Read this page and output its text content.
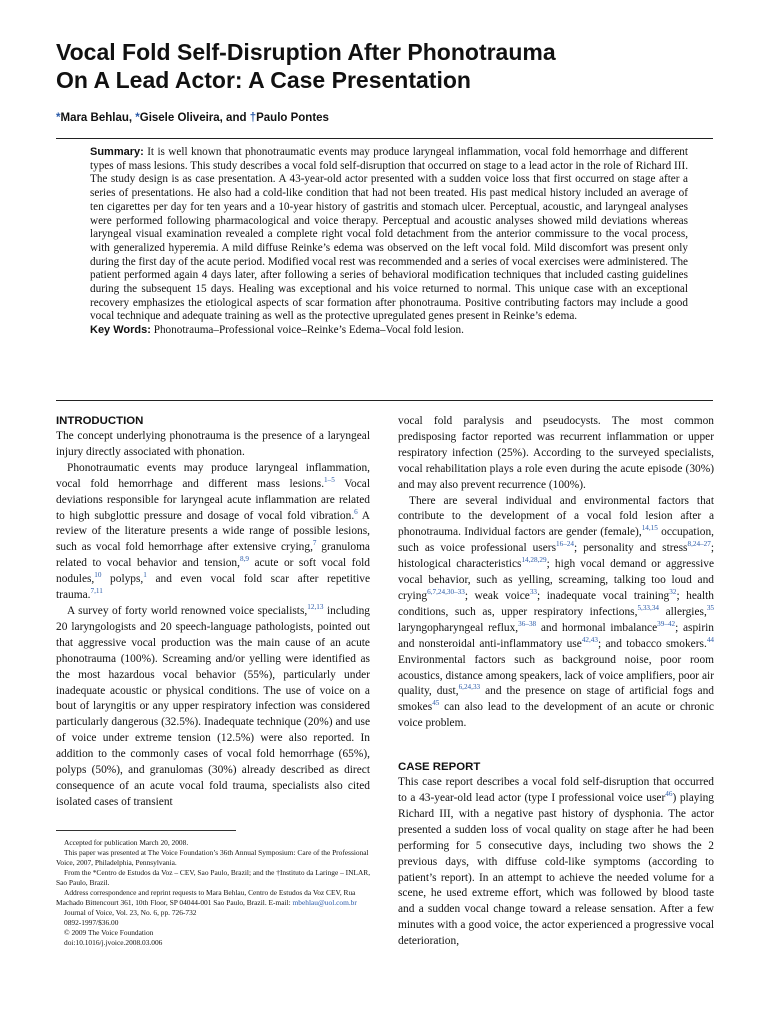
Vocal Fold Self-Disruption After Phonotrauma
On A Lead Actor: A Case Presentation
*Mara Behlau, *Gisele Oliveira, and †Paulo Pontes
Summary: It is well known that phonotraumatic events may produce laryngeal inflammation, vocal fold hemorrhage and different types of mass lesions. This study describes a vocal fold self-disruption that occurred on stage to a lead actor in the role of Richard III. The study design is as case presentation. A 43-year-old actor presented with a sudden voice loss that first occurred on stage after a series of presentations. He also had a cold-like condition that had not been treated. His past medical history included an average of ten cigarettes per day for ten years and a 10-year history of gastritis and stomach ulcer. Perceptual, acoustic, and laryngeal analyses were performed following pharmacological and voice therapy. Perceptual and acoustic analyses showed mild deviations whereas laryngeal visual examination revealed a complete right vocal fold detachment from the anterior commissure to the vocal process, with generalized hyperemia. A mild diffuse Reinke’s edema was observed on the left vocal fold. Mild discomfort was present only during the first day of the acute period. Modified vocal rest was recommended and a series of vocal exercises were administered. The patient performed again 4 days later, after following a series of behavioral modification techniques that included casting guidelines during the subsequent 15 days. Healing was exceptional and his voice returned to normal. This unique case with an exceptional recovery emphasizes the etiological aspects of scar formation after phonotrauma. Positive contributing factors may include a good vocal technique and adequate training as well as the protective upregulated genes present in Reinke’s edema.
Key Words: Phonotrauma–Professional voice–Reinke’s Edema–Vocal fold lesion.
INTRODUCTION

The concept underlying phonotrauma is the presence of a laryngeal injury directly associated with phonation.

Phonotraumatic events may produce laryngeal inflammation, vocal fold hemorrhage and different mass lesions.$^{1-5}$ Vocal deviations responsible for laryngeal acute inflammation are related to high subglottic pressure and dosage of vocal fold vibration.$^6$ A review of the literature presents a wide range of possible lesions, such as vocal fold hemorrhage after extensive crying,$^7$ granuloma related to vocal behavior and tension,$^{8,9}$ acute or soft vocal fold nodules,$^{10}$ polyps,$^1$ and even vocal fold scar after repetitive trauma.$^{7,11}$

A survey of forty world renowned voice specialists,$^{12,13}$ including 20 laryngologists and 20 speech-language pathologists, pointed out that aggressive vocal production was the main cause of an acute phonotrauma (100%). Screaming and/or yelling were identified as the most hazardous vocal behavior (55%), particularly under inadequate acoustic or physical conditions. The use of voice on a bout of laryngitis or any upper respiratory infection was considered particularly dangerous (32.5%). Inadequate technique (20%) and use of voice under extreme tension (12.5%) were also reported. In addition to the commonly cases of vocal fold hemorrhage (65%), polyps (50%), and granulomas (30%) already described as direct consequence of an acute vocal fold trauma, specialists also cited isolated cases of transient

Accepted for publication March 20, 2008.
This paper was presented at The Voice Foundation’s 36th Annual Symposium: Care of the Professional Voice, 2007, Philadelphia, Pennsylvania.
From the *Centro de Estudos da Voz – CEV, Sao Paulo, Brazil; and the †Instituto da Laringe – INLAR, Sao Paulo, Brazil.
Address correspondence and reprint requests to Mara Behlau, Centro de Estudos da Voz CEV, Rua Machado Bittencourt 361, 10th Floor, SP 04044-001 Sao Paulo, Brazil. E-mail: mbehlau@uol.com.br
Journal of Voice, Vol. 23, No. 6, pp. 726-732
0892-1997/$36.00
© 2009 The Voice Foundation
doi:10.1016/j.jvoice.2008.03.006

vocal fold paralysis and pseudocysts. The most common predisposing factor reported was recurrent inflammation or upper respiratory infection (25%). According to the surveyed specialists, vocal rehabilitation plays a role even during the acute episode (30%) and may also prevent recurrence (100%).

There are several individual and environmental factors that contribute to the development of a vocal fold lesion after a phonotrauma. Individual factors are gender (female),$^{14,15}$ occupation, such as voice professional users$^{16-24}$; personality and stress$^{8,24-27}$; histological characteristics$^{14,28,29}$; high vocal demand or aggressive vocal behavior, such as yelling, screaming, talking too loud and crying$^{6,7,24,30-33}$; weak voice$^{33}$; inadequate vocal training$^{32}$; health conditions, such as, upper respiratory infections,$^{5,33,34}$ allergies,$^{35}$ laryngopharyngeal reflux,$^{36-38}$ and hormonal imbalance$^{39-42}$; aspirin and nonsteroidal anti-inflammatory use$^{42,43}$; and tobacco smokers.$^{44}$ Environmental factors such as background noise, poor room acoustics, distance among speakers, lack of voice amplifiers, poor air quality, dust,$^{6,24,33}$ and the presence on stage of artificial fogs and smokes$^{45}$ can also lead to the development of an acute or chronic voice problem.

CASE REPORT

This case report describes a vocal fold self-disruption that occurred to a 43-year-old lead actor (type I professional voice user$^{46}$) playing Richard III, with a negative past history of dysphonia. The actor presented a sudden loss of vocal quality on stage after he had been performing for 5 consecutive days, including two shows the 2 previous days, with diffuse cold-like symptoms (according to patient’s report). In an attempt to achieve the needed volume for a scene, he used extreme effort, which was followed by blood taste and a sudden vocal change toward a release sensation. After a few minutes with a good voice, the actor experienced a progressive vocal deterioration,
